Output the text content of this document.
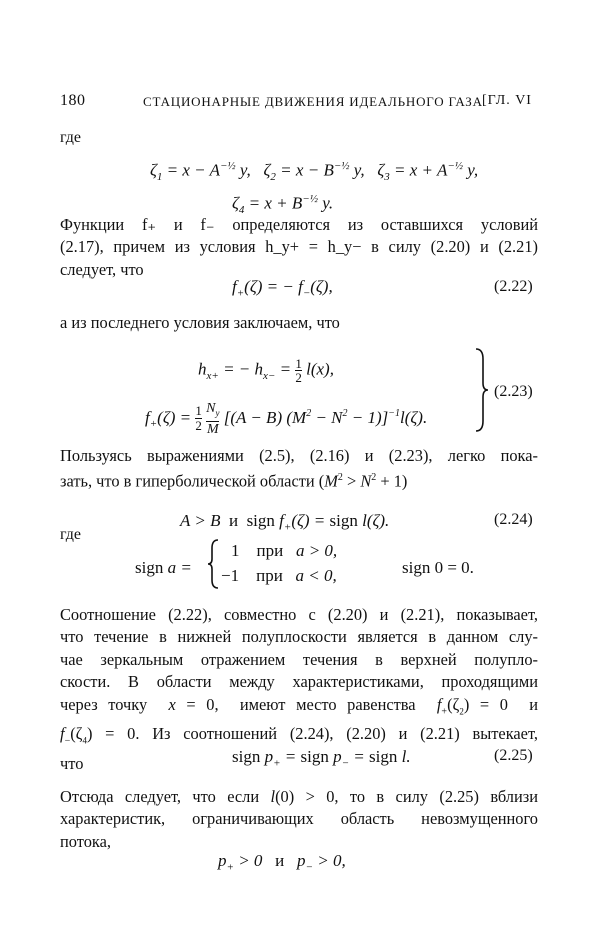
180	СТАЦИОНАРНЫЕ ДВИЖЕНИЯ ИДЕАЛЬНОГО ГАЗА [ГЛ. VI
где
$\zeta_1 = x - A^{-\frac{1}{2}}$ y,   $\zeta_2 = x - B^{-\frac{1}{2}}$ y,   $\zeta_3 = x + A^{-\frac{1}{2}}$ y,
$\zeta_4 = x + B^{-\frac{1}{2}}$ y.
Функции f₊ и f₋ определяются из оставшихся условий
(2.17), причем из условия h_y+ = h_y− в силу (2.20) и (2.21)
следует, что
$f_+(\zeta)$ = − $f_-(\zeta)$,	(2.22)
а из последнего условия заключаем, что
$h_{x+}$ = − $h_{x-} = 1$

2 l(x),
$f_+(\zeta) = 1$

2
$N_y$

M
[(A − B) $(M^2 - N^2 - 1)]^{-1}l(\zeta)$.
(2.23)
Пользуясь выражениями (2.5), (2.16) и (2.23), легко пока-
зать, что в гиперболической области $(M^2 > N^2 + 1)$
A > B  и  sign $f_+(\zeta)$ = sign l(ζ).	(2.24)
где
sign a =
1 при a > 0,
−1 при a < 0,	sign 0 = 0.
Соотношение (2.22), совместно с (2.20) и (2.21), показывает,
что течение в нижней полуплоскости является в данном слу-
чае зеркальным отражением течения в верхней полупло-
скости. В области между характеристиками, проходящими
через точку  x = 0,  имеют место равенства  $f_+(\zeta_2) = 0$  и
$f_-(\zeta_4) = 0$. Из соотношений (2.24), (2.20) и (2.21) вытекает,
что	sign $p_+$ = sign $p_-$ = sign l.	(2.25)
Отсюда следует, что если l(0) > 0, то в силу (2.25) вблизи
характеристик, ограничивающих область невозмущенного
потока,
$p_+ > 0$   и   $p_- > 0$,
